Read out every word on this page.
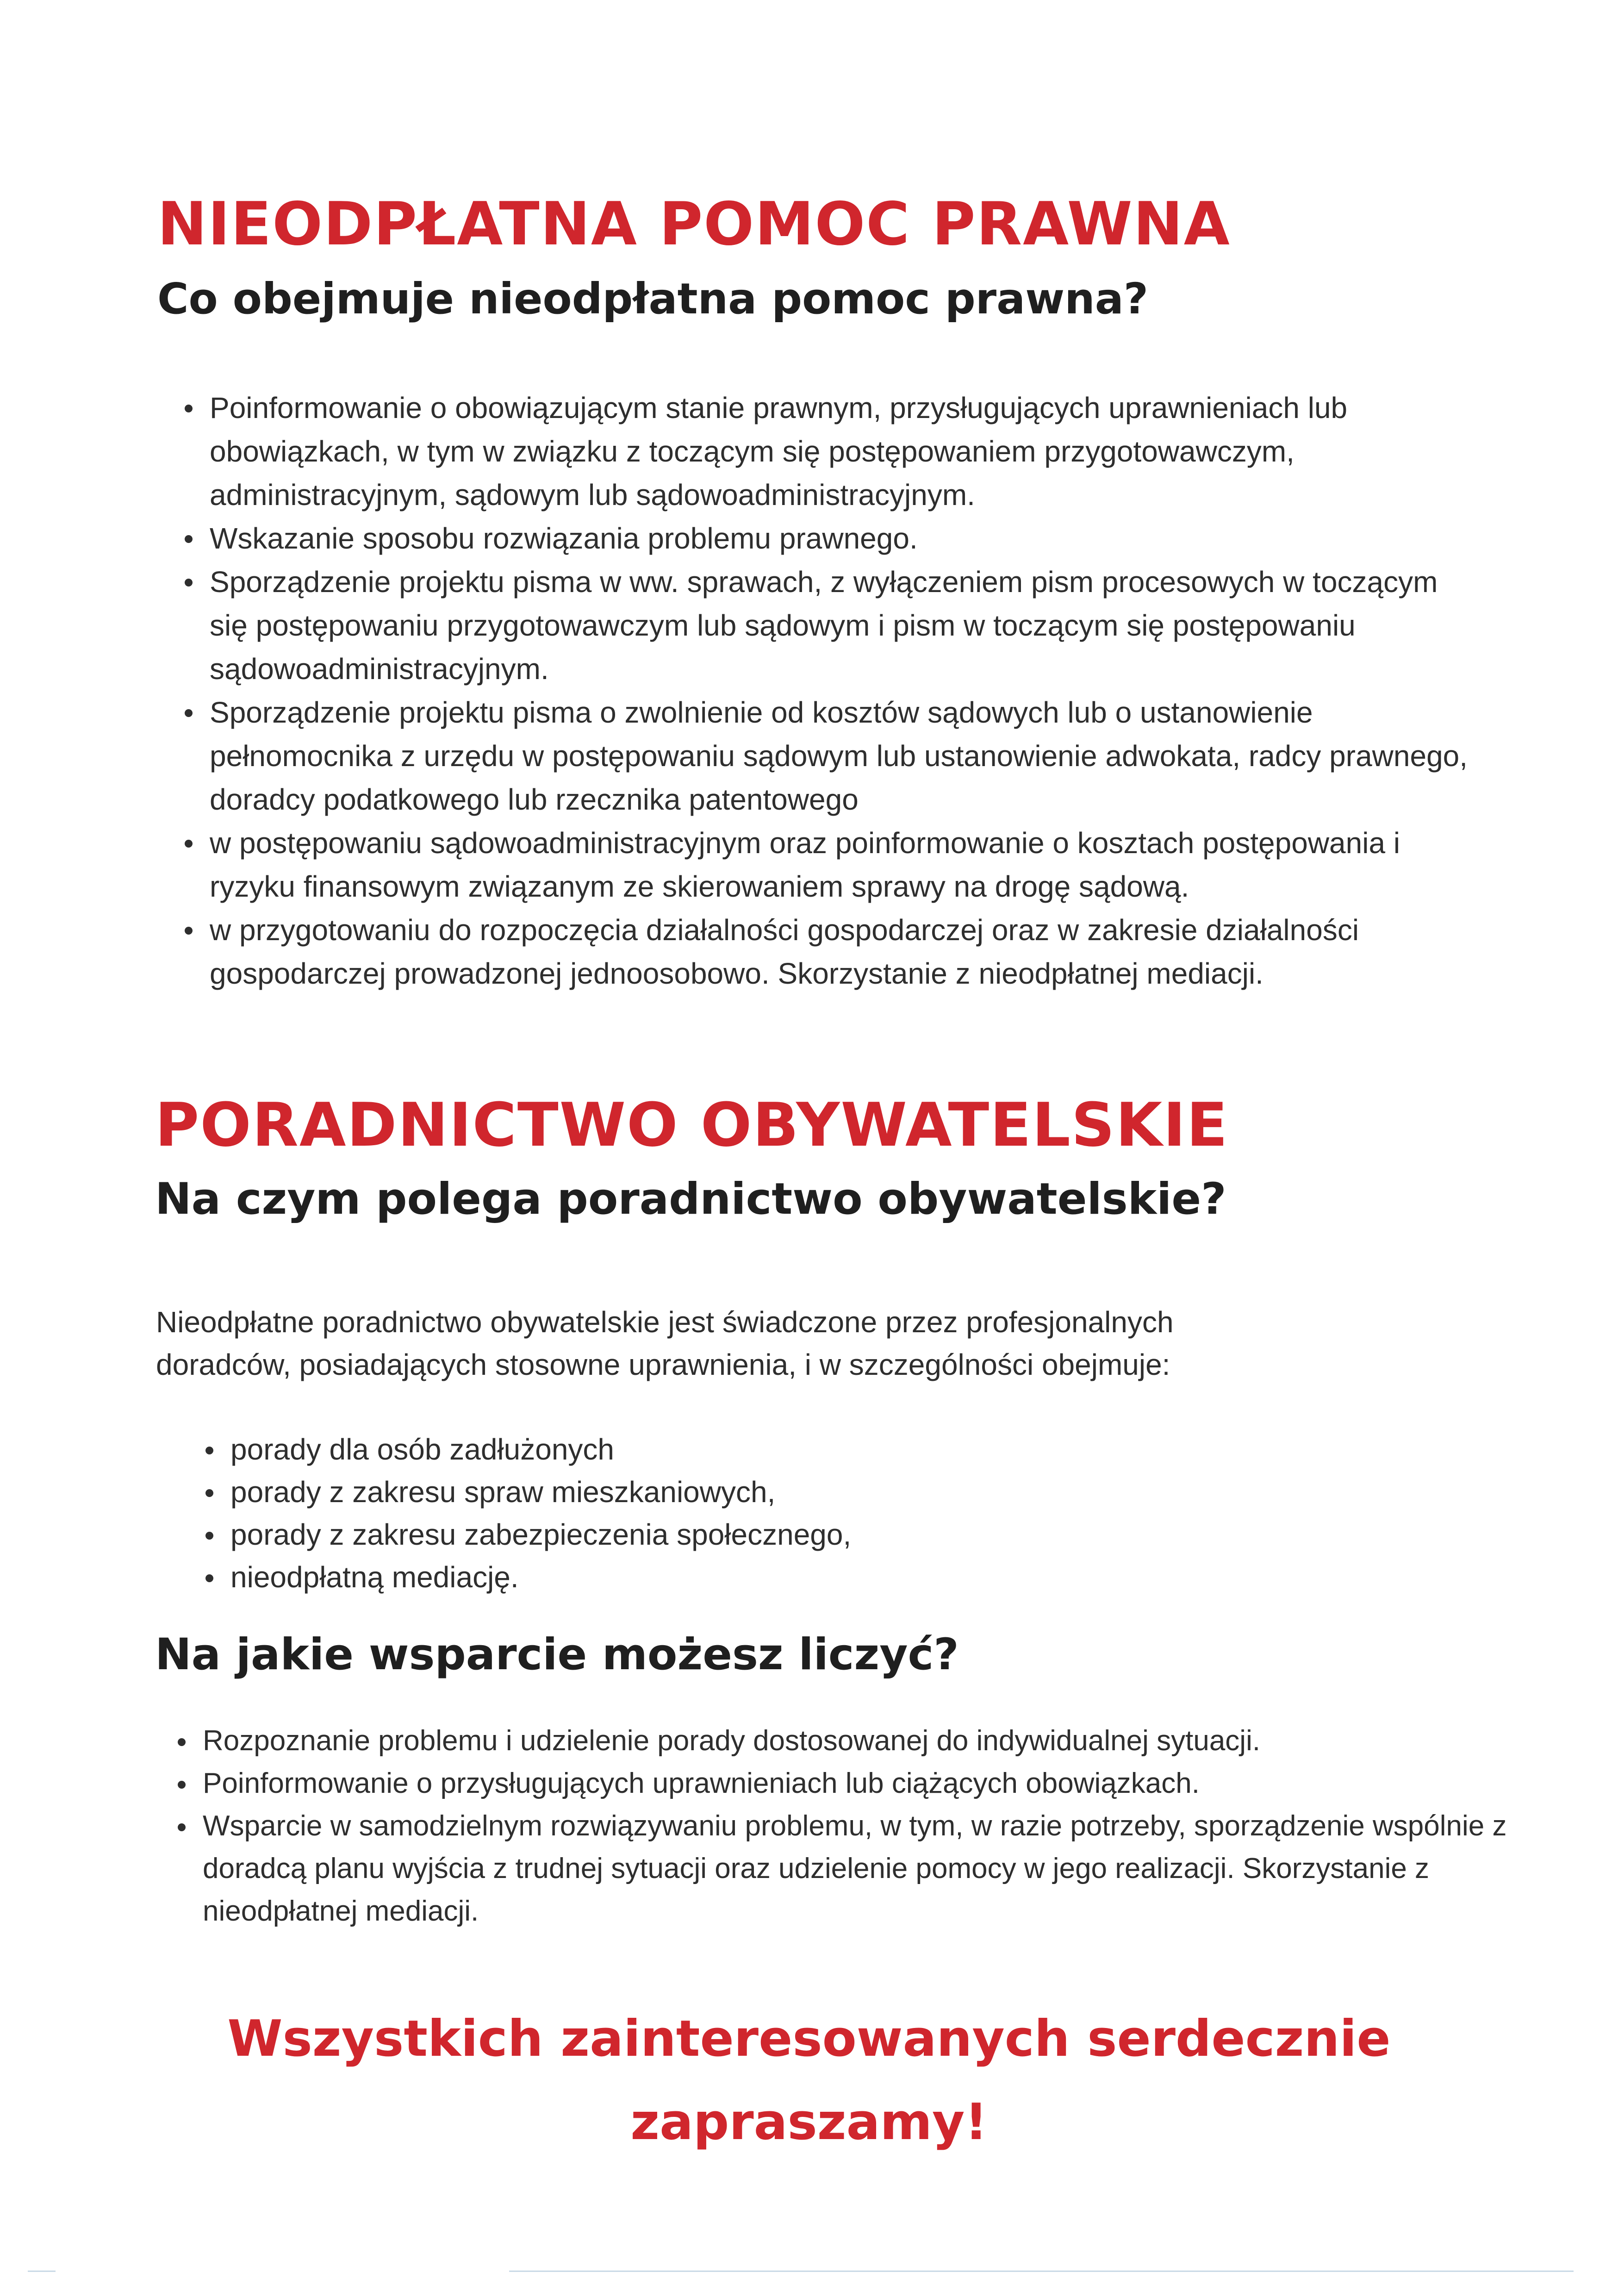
NIEODPŁATNA POMOC PRAWNA
Co obejmuje nieodpłatna pomoc prawna?
Poinformowanie o obowiązującym stanie prawnym, przysługujących uprawnieniach lub obowiązkach, w tym w związku z toczącym się postępowaniem przygotowawczym, administracyjnym, sądowym lub sądowoadministracyjnym.
Wskazanie sposobu rozwiązania problemu prawnego.
Sporządzenie projektu pisma w ww. sprawach, z wyłączeniem pism procesowych w toczącym się postępowaniu przygotowawczym lub sądowym i pism w toczącym się postępowaniu sądowoadministracyjnym.
Sporządzenie projektu pisma o zwolnienie od kosztów sądowych lub o ustanowienie pełnomocnika z urzędu w postępowaniu sądowym lub ustanowienie adwokata, radcy prawnego, doradcy podatkowego lub rzecznika patentowego
w postępowaniu sądowoadministracyjnym oraz poinformowanie o kosztach postępowania i ryzyku finansowym związanym ze skierowaniem sprawy na drogę sądową.
w przygotowaniu do rozpoczęcia działalności gospodarczej oraz w zakresie działalności gospodarczej prowadzonej jednoosobowo. Skorzystanie z nieodpłatnej mediacji.
PORADNICTWO OBYWATELSKIE
Na czym polega poradnictwo obywatelskie?

Nieodpłatne poradnictwo obywatelskie jest świadczone przez profesjonalnych doradców, posiadających stosowne uprawnienia, i w szczególności obejmuje:

porady dla osób zadłużonych
porady z zakresu spraw mieszkaniowych,
porady z zakresu zabezpieczenia społecznego,
nieodpłatną mediację.
Na jakie wsparcie możesz liczyć?
Rozpoznanie problemu i udzielenie porady dostosowanej do indywidualnej sytuacji.
Poinformowanie o przysługujących uprawnieniach lub ciążących obowiązkach.
Wsparcie w samodzielnym rozwiązywaniu problemu, w tym, w razie potrzeby, sporządzenie wspólnie z doradcą planu wyjścia z trudnej sytuacji oraz udzielenie pomocy w jego realizacji. Skorzystanie z nieodpłatnej mediacji.

Wszystkich zainteresowanych serdecznie

zapraszamy!
